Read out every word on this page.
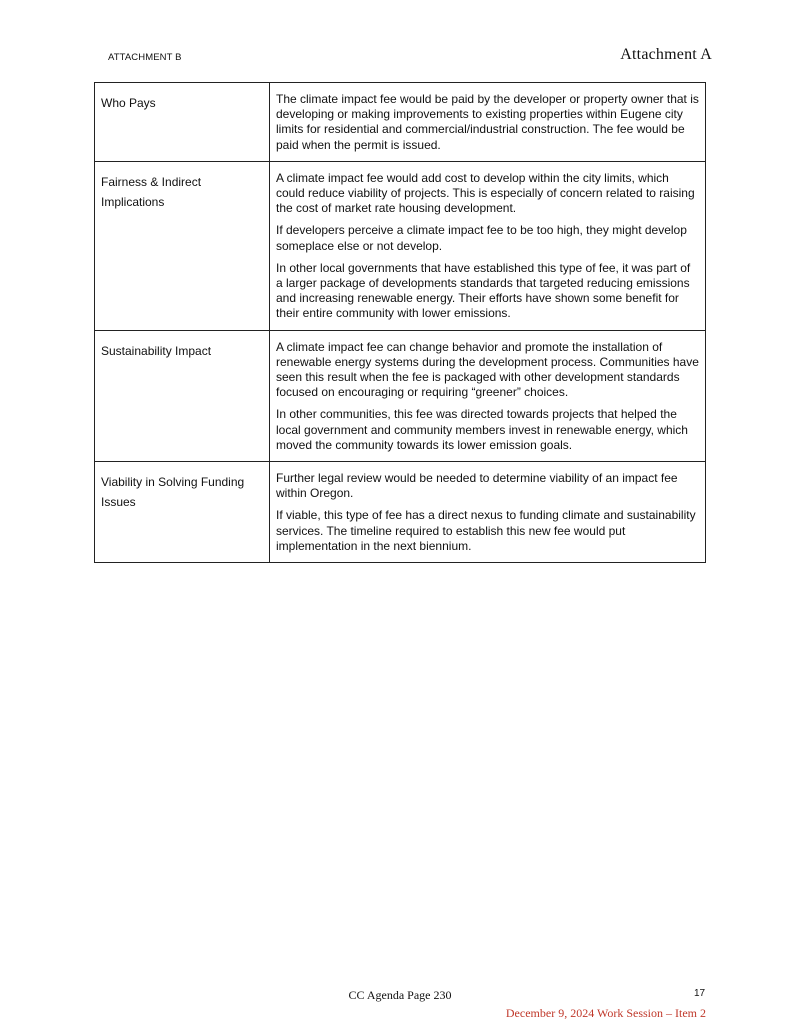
ATTACHMENT B	Attachment A
Who Pays	The climate impact fee would be paid by the developer or property owner that is developing or making improvements to existing properties within Eugene city limits for residential and commercial/industrial construction. The fee would be paid when the permit is issued.

Fairness & Indirect Implications	A climate impact fee would add cost to develop within the city limits, which could reduce viability of projects. This is especially of concern related to raising the cost of market rate housing development.

If developers perceive a climate impact fee to be too high, they might develop someplace else or not develop.

In other local governments that have established this type of fee, it was part of a larger package of developments standards that targeted reducing emissions and increasing renewable energy. Their efforts have shown some benefit for their entire community with lower emissions.

Sustainability Impact	A climate impact fee can change behavior and promote the installation of renewable energy systems during the development process. Communities have seen this result when the fee is packaged with other development standards focused on encouraging or requiring “greener” choices.

In other communities, this fee was directed towards projects that helped the local government and community members invest in renewable energy, which moved the community towards its lower emission goals.

Viability in Solving Funding Issues	Further legal review would be needed to determine viability of an impact fee within Oregon.

If viable, this type of fee has a direct nexus to funding climate and sustainability services. The timeline required to establish this new fee would put implementation in the next biennium.

CC Agenda Page 230	17
December 9, 2024 Work Session – Item 2
